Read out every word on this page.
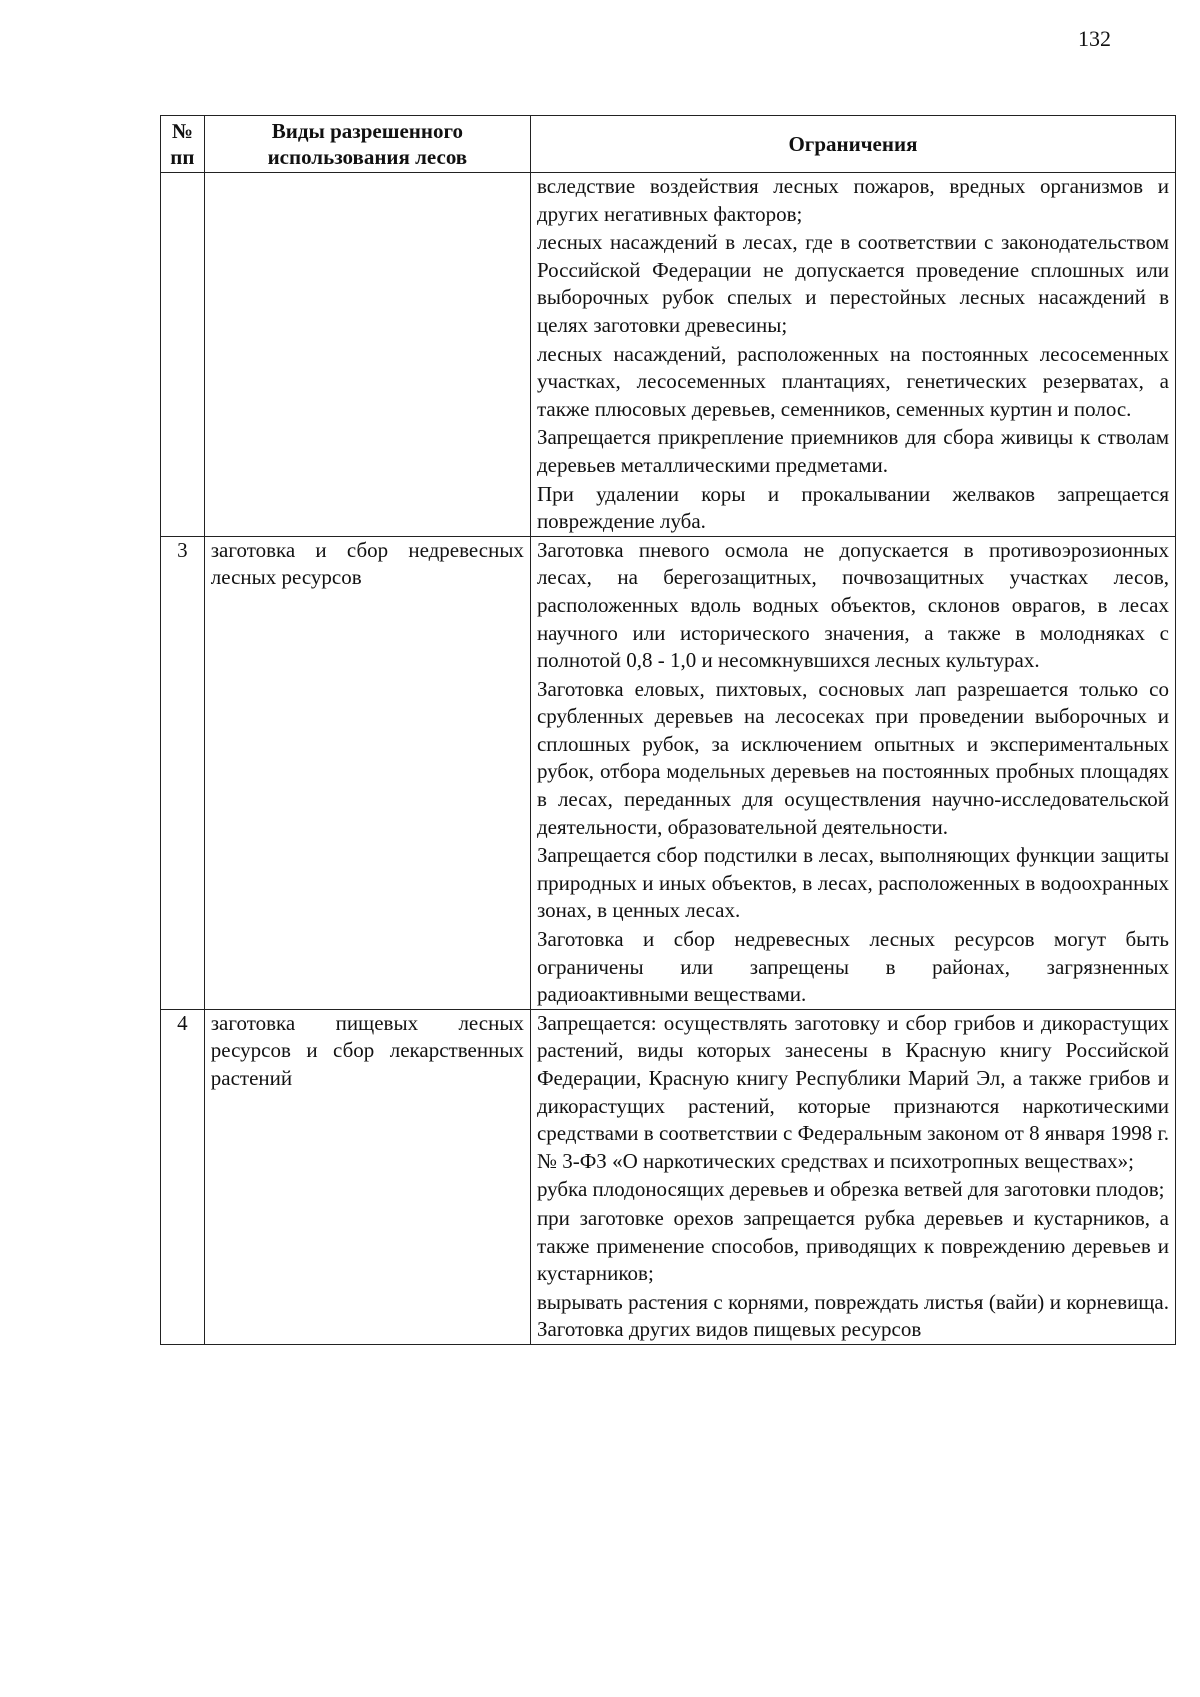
132
№
пп	Виды разрешенного использования лесов	Ограничения

		вследствие воздействия лесных пожаров, вредных организмов и других негативных факторов;
лесных насаждений в лесах, где в соответствии с законодательством Российской Федерации не допускается проведение сплошных или выборочных рубок спелых и перестойных лесных насаждений в целях заготовки древесины;
лесных насаждений, расположенных на постоянных лесосеменных участках, лесосеменных плантациях, генетических резерватах, а также плюсовых деревьев, семенников, семенных куртин и полос.
Запрещается прикрепление приемников для сбора живицы к стволам деревьев металлическими предметами.
При удалении коры и прокалывании желваков запрещается повреждение луба.

3	заготовка и сбор недревесных лесных ресурсов	Заготовка пневого осмола не допускается в противоэрозионных лесах, на берегозащитных, почвозащитных участках лесов, расположенных вдоль водных объектов, склонов оврагов, в лесах научного или исторического значения, а также в молодняках с полнотой 0,8 - 1,0 и несомкнувшихся лесных культурах.
Заготовка еловых, пихтовых, сосновых лап разрешается только со срубленных деревьев на лесосеках при проведении выборочных и сплошных рубок, за исключением опытных и экспериментальных рубок, отбора модельных деревьев на постоянных пробных площадях в лесах, переданных для осуществления научно-исследовательской деятельности, образовательной деятельности.
Запрещается сбор подстилки в лесах, выполняющих функции защиты природных и иных объектов, в лесах, расположенных в водоохранных зонах, в ценных лесах.
Заготовка и сбор недревесных лесных ресурсов могут быть ограничены или запрещены в районах, загрязненных радиоактивными веществами.

4	заготовка пищевых лесных ресурсов и сбор лекарственных растений	Запрещается: осуществлять заготовку и сбор грибов и дикорастущих растений, виды которых занесены в Красную книгу Российской Федерации, Красную книгу Республики Марий Эл, а также грибов и дикорастущих растений, которые признаются наркотическими средствами в соответствии с Федеральным законом от 8 января 1998 г. № 3-ФЗ «О наркотических средствах и психотропных веществах»;
рубка плодоносящих деревьев и обрезка ветвей для заготовки плодов;
при заготовке орехов запрещается рубка деревьев и кустарников, а также применение способов, приводящих к повреждению деревьев и кустарников;
вырывать растения с корнями, повреждать листья (вайи) и корневища. Заготовка других видов пищевых ресурсов
